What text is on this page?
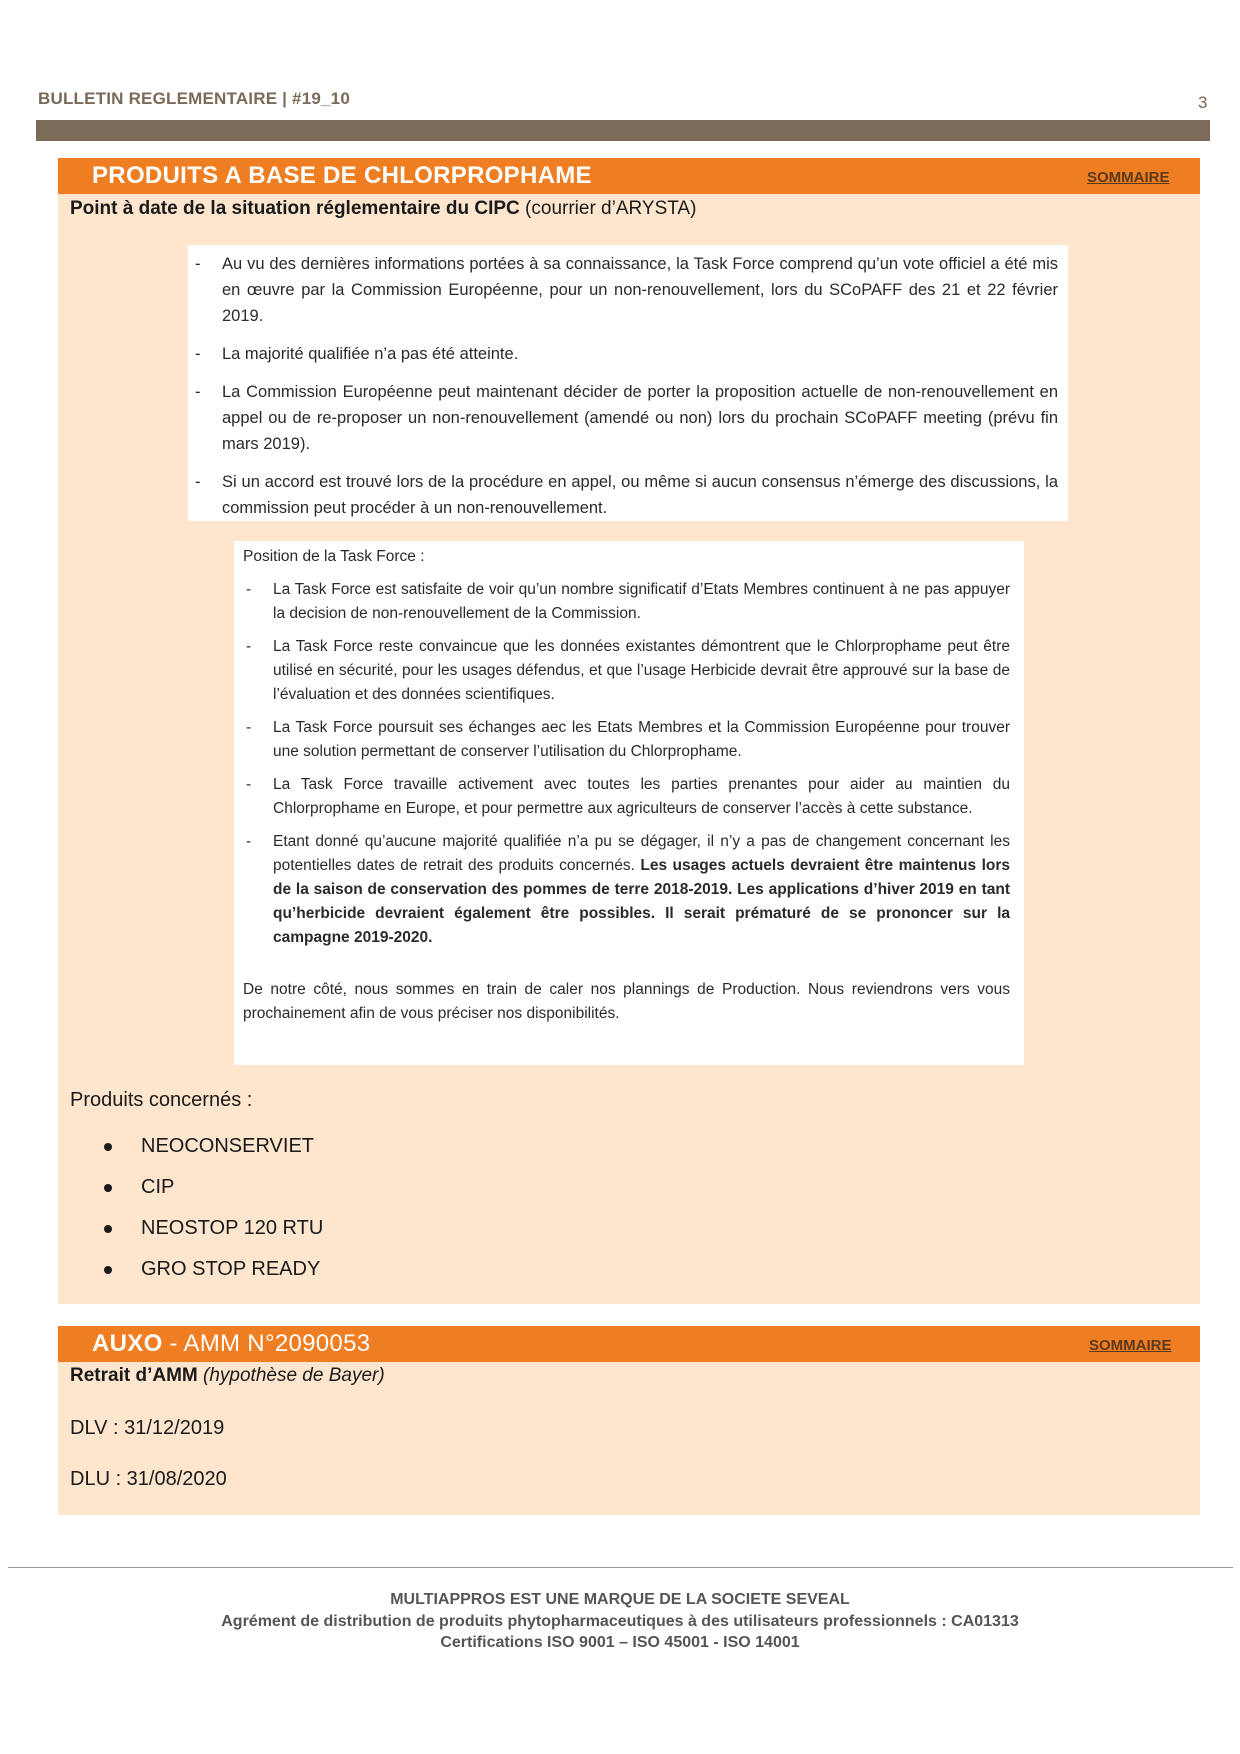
BULLETIN REGLEMENTAIRE | #19_10	3
PRODUITS A BASE DE CHLORPROPHAME	SOMMAIRE
Point à date de la situation réglementaire du CIPC (courrier d’ARYSTA)
- Au vu des dernières informations portées à sa connaissance, la Task Force comprend qu’un vote officiel a été mis en œuvre par la Commission Européenne, pour un non-renouvellement, lors du SCoPAFF des 21 et 22 février 2019.
- La majorité qualifiée n’a pas été atteinte.
- La Commission Européenne peut maintenant décider de porter la proposition actuelle de non-renouvellement en appel ou de re-proposer un non-renouvellement (amendé ou non) lors du prochain SCoPAFF meeting (prévu fin mars 2019).
- Si un accord est trouvé lors de la procédure en appel, ou même si aucun consensus n’émerge des discussions, la commission peut procéder à un non-renouvellement.
Position de la Task Force :
- La Task Force est satisfaite de voir qu’un nombre significatif d’Etats Membres continuent à ne pas appuyer la decision de non-renouvellement de la Commission.
- La Task Force reste convaincue que les données existantes démontrent que le Chlorprophame peut être utilisé en sécurité, pour les usages défendus, et que l’usage Herbicide devrait être approuvé sur la base de l’évaluation et des données scientifiques.
- La Task Force poursuit ses échanges aec les Etats Membres et la Commission Européenne pour trouver une solution permettant de conserver l’utilisation du Chlorprophame.
- La Task Force travaille activement avec toutes les parties prenantes pour aider au maintien du Chlorprophame en Europe, et pour permettre aux agriculteurs de conserver l’accès à cette substance.
- Etant donné qu’aucune majorité qualifiée n’a pu se dégager, il n’y a pas de changement concernant les potentielles dates de retrait des produits concernés. Les usages actuels devraient être maintenus lors de la saison de conservation des pommes de terre 2018-2019. Les applications d’hiver 2019 en tant qu’herbicide devraient également être possibles. Il serait prématuré de se prononcer sur la campagne 2019-2020.
De notre côté, nous sommes en train de caler nos plannings de Production. Nous reviendrons vers vous prochainement afin de vous préciser nos disponibilités.
Produits concernés :
NEOCONSERVIET
CIP
NEOSTOP 120 RTU
GRO STOP READY
AUXO - AMM N°2090053	SOMMAIRE
Retrait d’AMM (hypothèse de Bayer)
DLV : 31/12/2019
DLU : 31/08/2020
MULTIAPPROS EST UNE MARQUE DE LA SOCIETE SEVEAL
Agrément de distribution de produits phytopharmaceutiques à des utilisateurs professionnels : CA01313
Certifications ISO 9001 – ISO 45001 - ISO 14001
